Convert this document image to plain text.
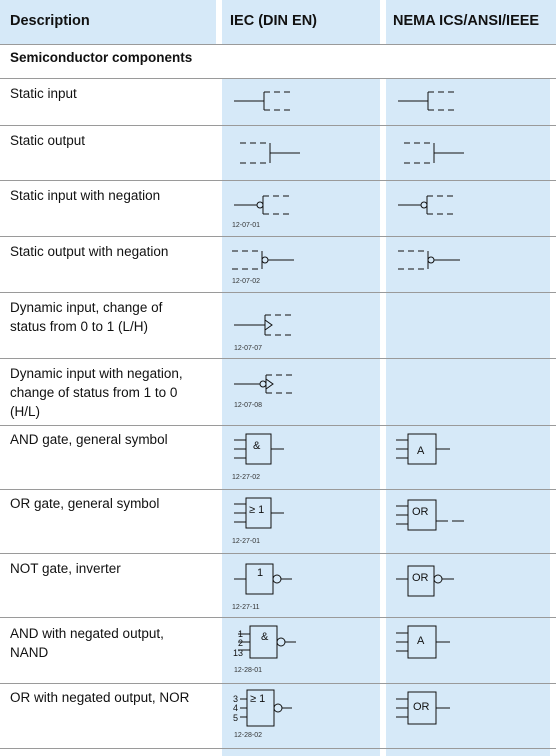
Description	IEC (DIN EN)	NEMA ICS/ANSI/IEEE
Semiconductor components
Static input
Static output
Static input with negation
Static output with negation
Dynamic input, change of
status from 0 to 1 (L/H)
Dynamic input with negation,
change of status from 1 to 0
(H/L)
AND gate, general symbol
OR gate, general symbol
NOT gate, inverter
AND with negated output,
NAND
OR with negated output, NOR
12-07-01
12-07-02
12-07-07
12-07-08
&
12-27-02
A
≥ 1
12-27-01
OR
1
12-27-11
OR
1
2
13
&
12-28-01
A
3
4
5
≥ 1
12-28-02
OR
